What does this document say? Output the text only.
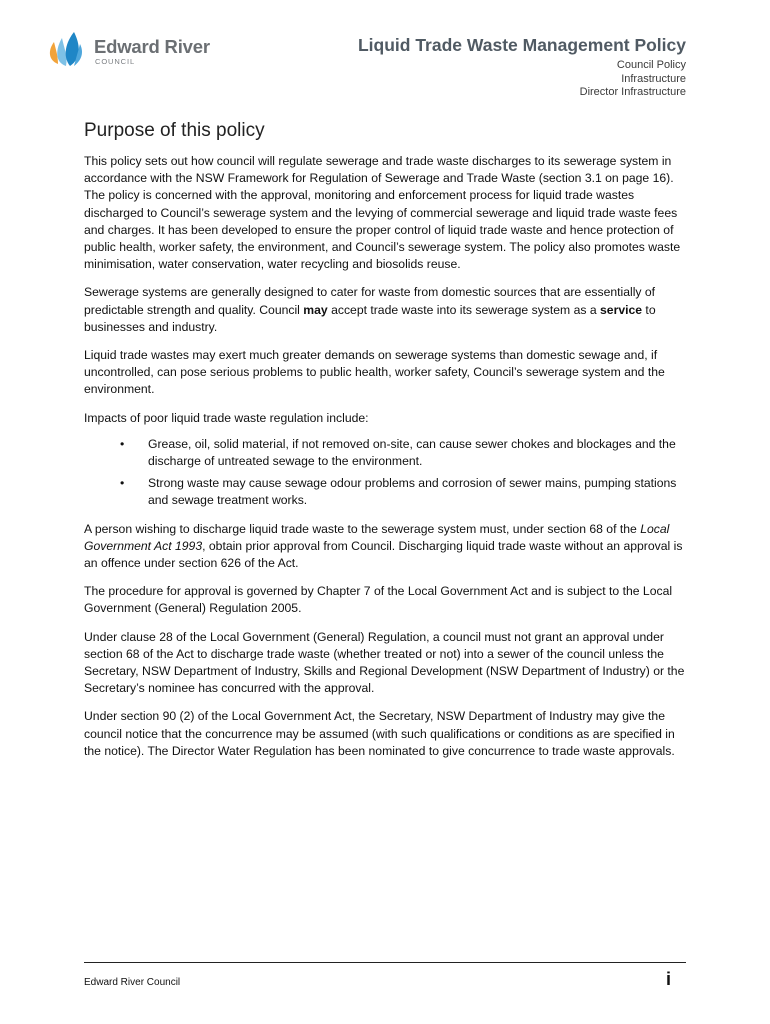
Edward River
COUNCIL
Liquid Trade Waste Management Policy
Council Policy
Infrastructure
Director Infrastructure
Purpose of this policy

This policy sets out how council will regulate sewerage and trade waste discharges to its sewerage system in accordance with the NSW Framework for Regulation of Sewerage and Trade Waste (section 3.1 on page 16). The policy is concerned with the approval, monitoring and enforcement process for liquid trade wastes discharged to Council’s sewerage system and the levying of commercial sewerage and liquid trade waste fees and charges. It has been developed to ensure the proper control of liquid trade waste and hence protection of public health, worker safety, the environment, and Council’s sewerage system. The policy also promotes waste minimisation, water conservation, water recycling and biosolids reuse.

Sewerage systems are generally designed to cater for waste from domestic sources that are essentially of predictable strength and quality. Council may accept trade waste into its sewerage system as a service to businesses and industry.

Liquid trade wastes may exert much greater demands on sewerage systems than domestic sewage and, if uncontrolled, can pose serious problems to public health, worker safety, Council’s sewerage system and the environment.

Impacts of poor liquid trade waste regulation include:

• Grease, oil, solid material, if not removed on-site, can cause sewer chokes and blockages and the discharge of untreated sewage to the environment.
• Strong waste may cause sewage odour problems and corrosion of sewer mains, pumping stations and sewage treatment works.

A person wishing to discharge liquid trade waste to the sewerage system must, under section 68 of the Local Government Act 1993, obtain prior approval from Council. Discharging liquid trade waste without an approval is an offence under section 626 of the Act.

The procedure for approval is governed by Chapter 7 of the Local Government Act and is subject to the Local Government (General) Regulation 2005.

Under clause 28 of the Local Government (General) Regulation, a council must not grant an approval under section 68 of the Act to discharge trade waste (whether treated or not) into a sewer of the council unless the Secretary, NSW Department of Industry, Skills and Regional Development (NSW Department of Industry) or the Secretary’s nominee has concurred with the approval.

Under section 90 (2) of the Local Government Act, the Secretary, NSW Department of Industry may give the council notice that the concurrence may be assumed (with such qualifications or conditions as are specified in the notice). The Director Water Regulation has been nominated to give concurrence to trade waste approvals.

Edward River Council	i
